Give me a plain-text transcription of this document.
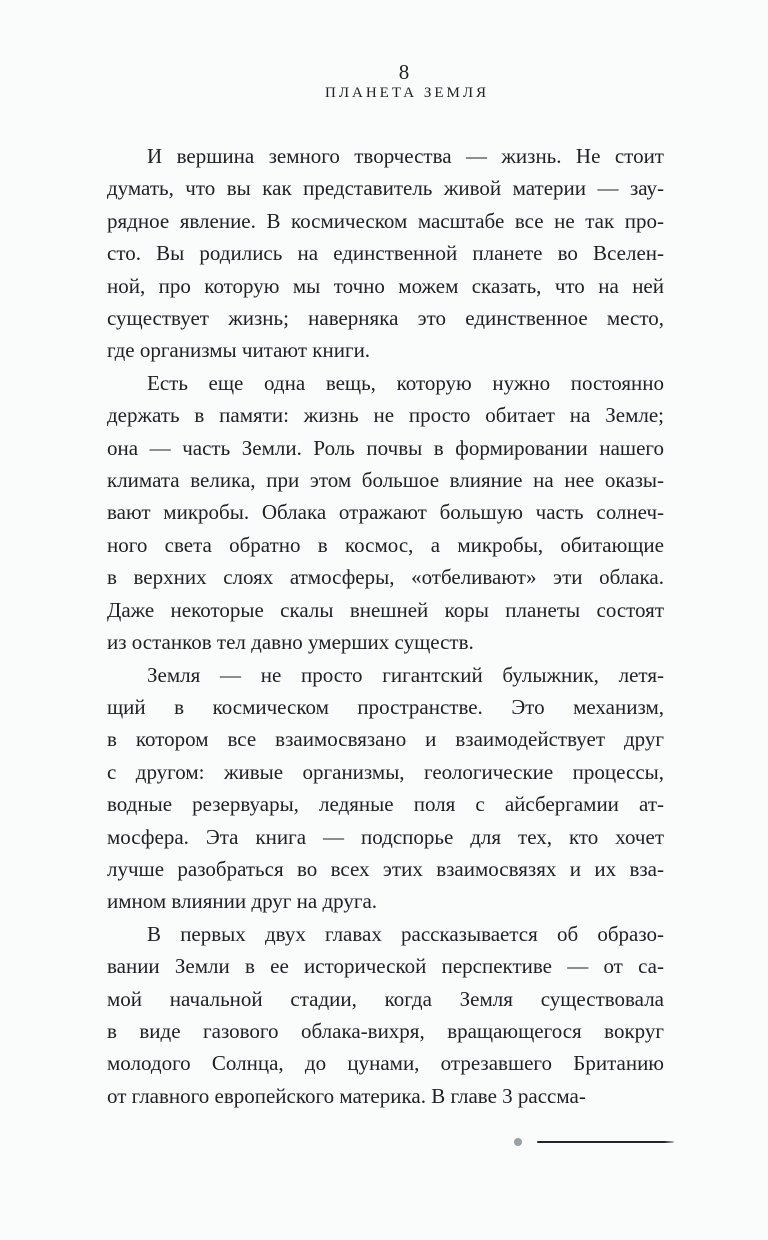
8
ПЛАНЕТА ЗЕМЛЯ
И вершина земного творчества — жизнь. Не стоит
думать, что вы как представитель живой материи — зау-
рядное явление. В космическом масштабе все не так про-
сто. Вы родились на единственной планете во Вселен-
ной, про которую мы точно можем сказать, что на ней
существует жизнь; наверняка это единственное место,
где организмы читают книги.
Есть еще одна вещь, которую нужно постоянно
держать в памяти: жизнь не просто обитает на Земле;
она — часть Земли. Роль почвы в формировании нашего
климата велика, при этом большое влияние на нее оказы-
вают микробы. Облака отражают большую часть солнеч-
ного света обратно в космос, а микробы, обитающие
в верхних слоях атмосферы, «отбеливают» эти облака.
Даже некоторые скалы внешней коры планеты состоят
из останков тел давно умерших существ.
Земля — не просто гигантский булыжник, летя-
щий в космическом пространстве. Это механизм,
в котором все взаимосвязано и взаимодействует друг
с другом: живые организмы, геологические процессы,
водные резервуары, ледяные поля с айсбергамии ат-
мосфера. Эта книга — подспорье для тех, кто хочет
лучше разобраться во всех этих взаимосвязях и их вза-
имном влиянии друг на друга.
В первых двух главах рассказывается об образо-
вании Земли в ее исторической перспективе — от са-
мой начальной стадии, когда Земля существовала
в виде газового облака-вихря, вращающегося вокруг
молодого Солнца, до цунами, отрезавшего Британию
от главного европейского материка. В главе 3 рассма-
